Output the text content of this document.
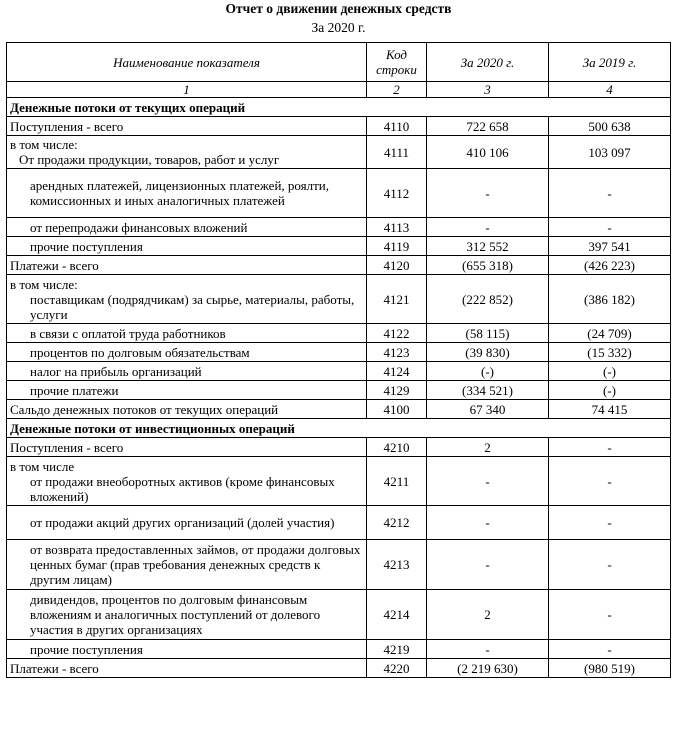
Отчет о движении денежных средств
За 2020 г.
Наименование показателя	Код строки	За 2020 г.	За 2019 г.
1	2	3	4
Денежные потоки от текущих операций			
Поступления - всего	4110	722 658	500 638

в том числе:
От продажи продукции, товаров, работ и услуг	4111	410 106	103 097
арендных платежей, лицензионных платежей, роялти, комиссионных и иных аналогичных платежей	4112	-	-
от перепродажи финансовых вложений	4113	-	-
прочие поступления	4119	312 552	397 541
Платежи - всего	4120	(655 318)	(426 223)

в том числе:
поставщикам (подрядчикам) за сырье, материалы, работы, услуги	4121	(222 852)	(386 182)
в связи с оплатой труда работников	4122	(58 115)	(24 709)
процентов по долговым обязательствам	4123	(39 830)	(15 332)
налог на прибыль организаций	4124	(-)	(-)
прочие платежи	4129	(334 521)	(-)
Сальдо денежных потоков от текущих операций	4100	67 340	74 415
Денежные потоки от инвестиционных операций			
Поступления - всего	4210	2	-

в том числе
от продажи внеоборотных активов (кроме финансовых вложений)	4211	-	-
от продажи акций других организаций (долей участия)	4212	-	-
от возврата предоставленных займов, от продажи долговых ценных бумаг (прав требования денежных средств к другим лицам)	4213	-	-
дивидендов, процентов по долговым финансовым вложениям и аналогичных поступлений от долевого участия в других организациях	4214	2	-
прочие поступления	4219	-	-
Платежи - всего	4220	(2 219 630)	(980 519)
